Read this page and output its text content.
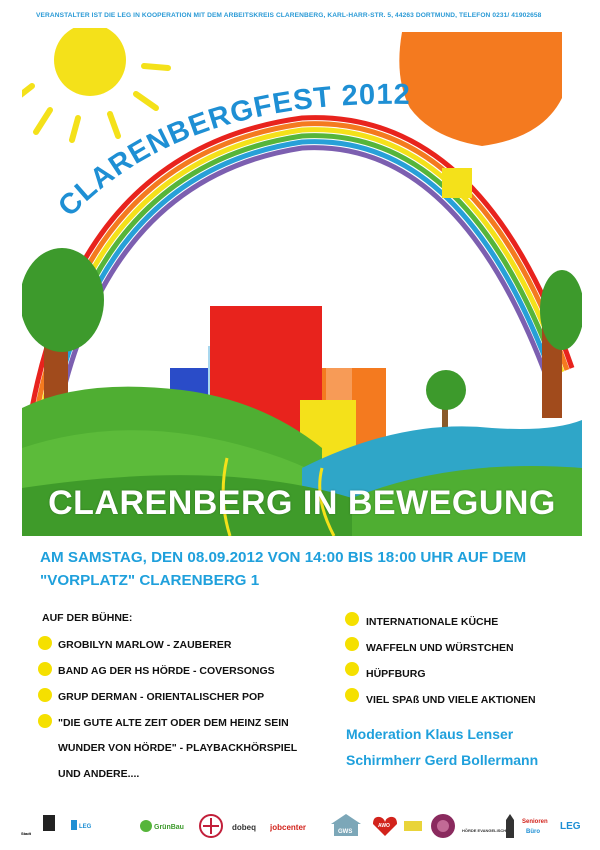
VERANSTALTER IST DIE LEG IN KOOPERATION MIT DEM ARBEITSKREIS CLARENBERG, KARL-HARR-STR. 5, 44263 DORTMUND, TELEFON 0231/ 41902658
CLARENBERGFEST 2012
CLARENBERG IN BEWEGUNG
AM SAMSTAG, DEN 08.09.2012 VON 14:00 BIS 18:00 UHR AUF DEM
"VORPLATZ" CLARENBERG 1
AUF DER BÜHNE:
GROBILYN MARLOW - ZAUBERER
BAND AG DER HS HÖRDE - COVERSONGS
GRUP DERMAN - ORIENTALISCHER POP
"DIE GUTE ALTE ZEIT ODER DEM HEINZ SEIN
WUNDER VON HÖRDE" - PLAYBACKHÖRSPIEL
UND ANDERE....
INTERNATIONALE KÜCHE
WAFFELN UND WÜRSTCHEN
HÜPFBURG
VIEL SPAß UND VIELE AKTIONEN
Moderation Klaus Lenser
Schirmherr Gerd Bollermann
Stadt
LEG	GrünBau	dobeq jobcenter	GWS
AWO
HÖRDE EVANGELISCH
Senioren
Büro LEG
